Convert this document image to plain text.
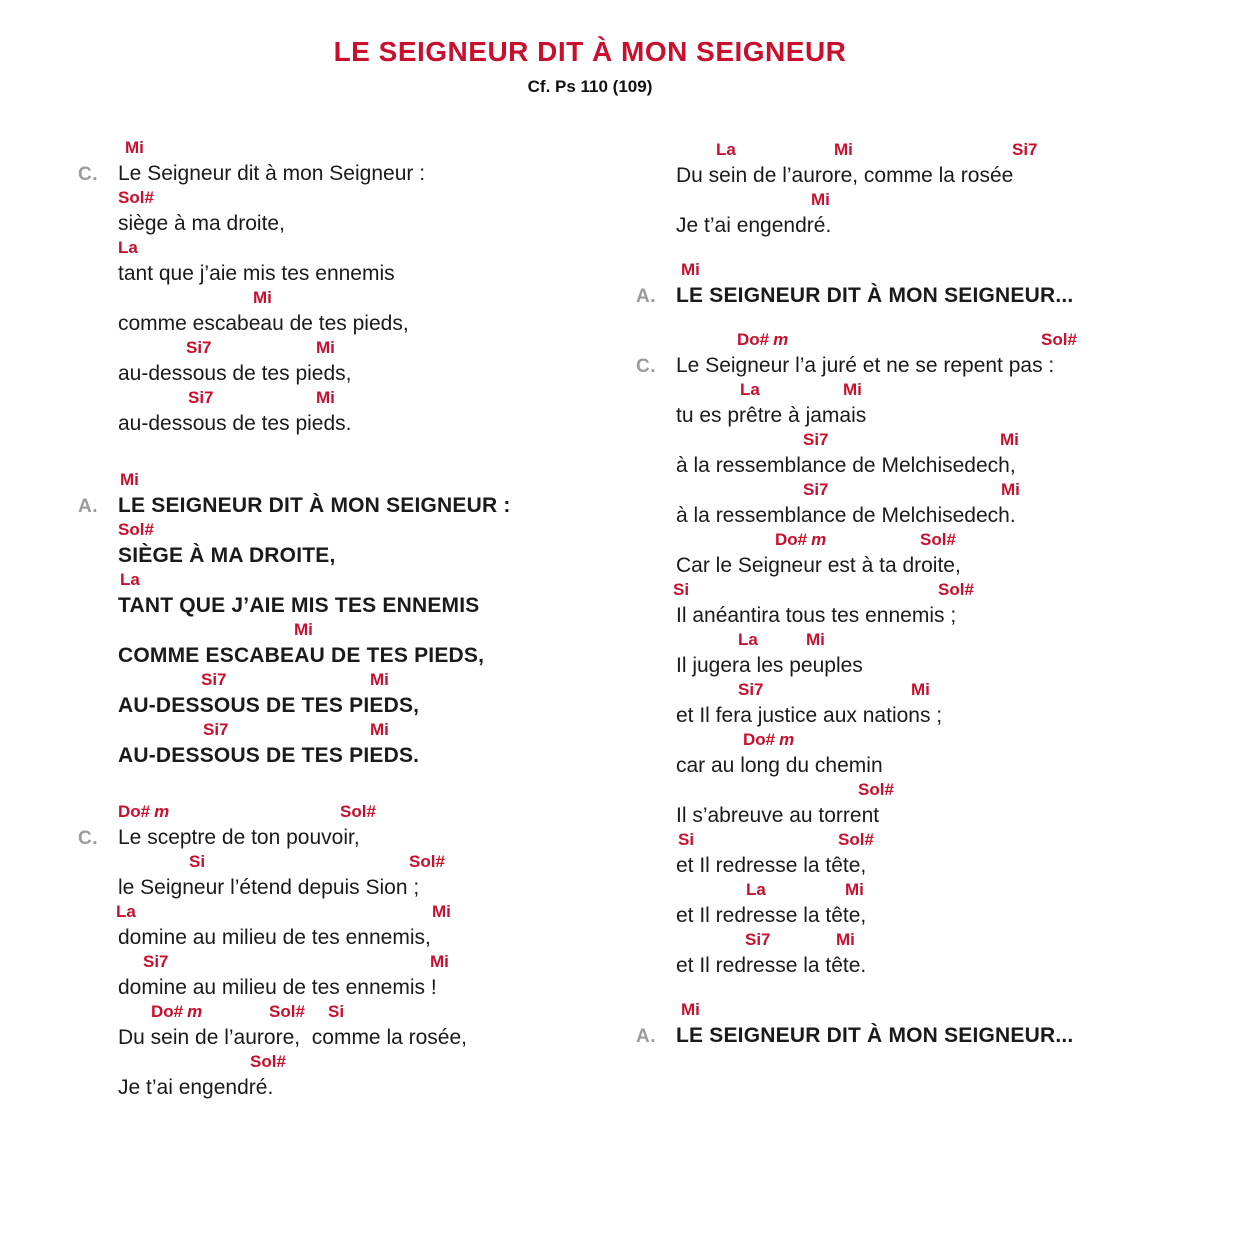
LE SEIGNEUR DIT À MON SEIGNEUR
Cf. Ps 110 (109)
Mi
C. Le Seigneur dit à mon Seigneur :
Sol#
siège à ma droite,
La
tant que j’aie mis tes ennemis
Mi
comme escabeau de tes pieds,
Si7	Mi
au-dessous de tes pieds,
Si7	Mi
au-dessous de tes pieds.
Mi
A. LE SEIGNEUR DIT À MON SEIGNEUR :
Sol#
SIÈGE À MA DROITE,
La
TANT QUE J’AIE MIS TES ENNEMIS
Mi
COMME ESCABEAU DE TES PIEDS,
Si7	Mi
AU-DESSOUS DE TES PIEDS,
Si7	Mi
AU-DESSOUS DE TES PIEDS.
Do# m	Sol#
C. Le sceptre de ton pouvoir,
Si	Sol#
le Seigneur l’étend depuis Sion ;
La	Mi
domine au milieu de tes ennemis,
Si7	Mi
domine au milieu de tes ennemis !
Do# m	Sol# Si
Du sein de l’aurore,  comme la rosée,
Sol#
Je t’ai engendré.
La	Mi	Si7
Du sein de l’aurore, comme la rosée
Mi
Je t’ai engendré.
Mi
A. LE SEIGNEUR DIT À MON SEIGNEUR...
Do# m	Sol#
C. Le Seigneur l’a juré et ne se repent pas :
La	Mi
tu es prêtre à jamais
Si7	Mi
à la ressemblance de Melchisedech,
Si7	Mi
à la ressemblance de Melchisedech.
Do# m	Sol#
Car le Seigneur est à ta droite,
Si	Sol#
Il anéantira tous tes ennemis ;
La	Mi
Il jugera les peuples
Si7	Mi
et Il fera justice aux nations ;
Do# m
car au long du chemin
Sol#
Il s’abreuve au torrent
Si	Sol#
et Il redresse la tête,
La	Mi
et Il redresse la tête,
Si7	Mi
et Il redresse la tête.
Mi
A. LE SEIGNEUR DIT À MON SEIGNEUR...
